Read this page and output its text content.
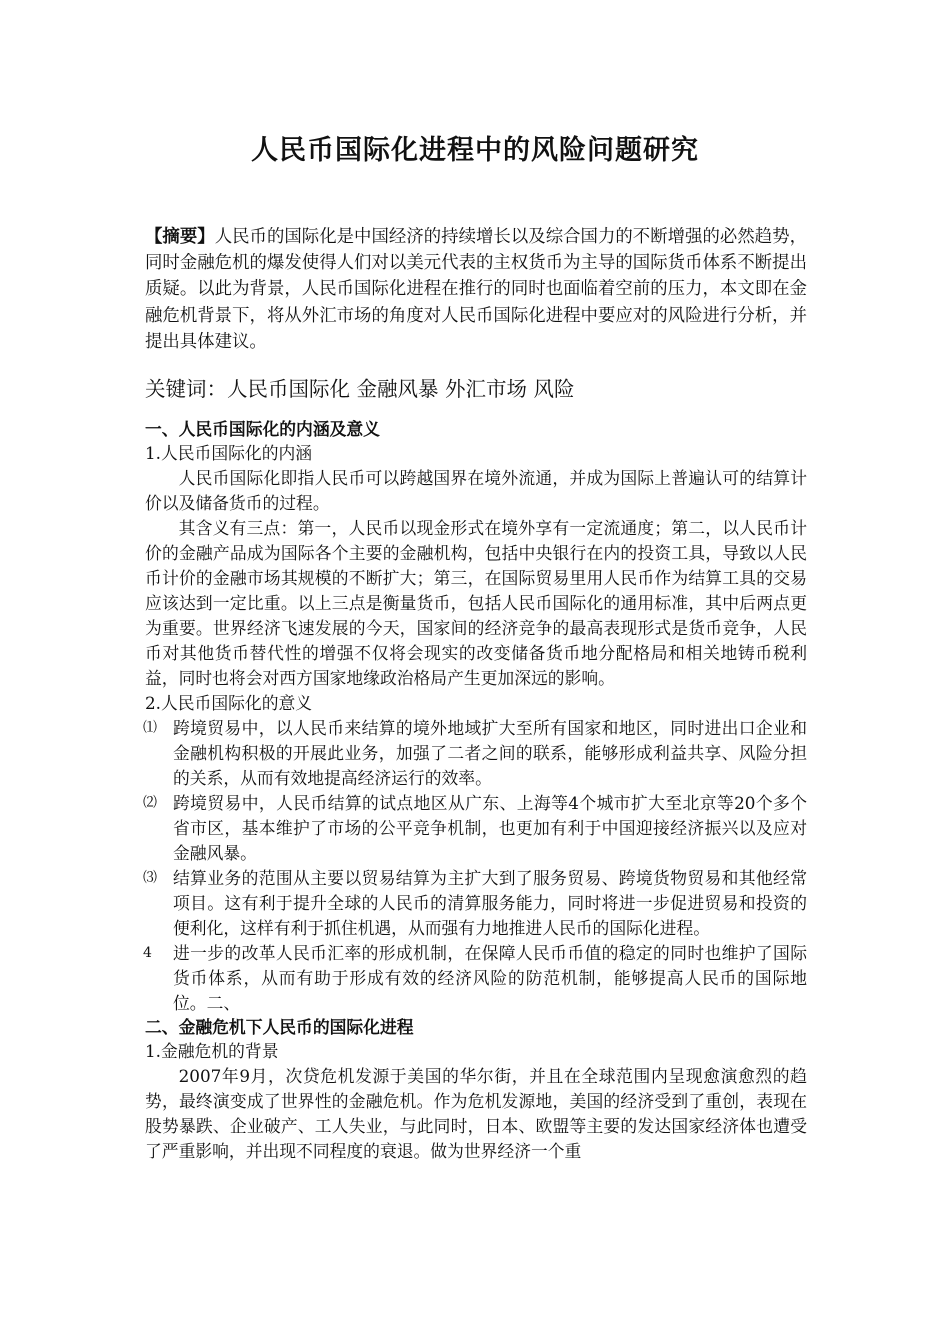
人民币国际化进程中的风险问题研究

【摘要】人民币的国际化是中国经济的持续增长以及综合国力的不断增强的必然趋势，同时金融危机的爆发使得人们对以美元代表的主权货币为主导的国际货币体系不断提出质疑。以此为背景，人民币国际化进程在推行的同时也面临着空前的压力，本文即在金融危机背景下，将从外汇市场的角度对人民币国际化进程中要应对的风险进行分析，并提出具体建议。

关键词：人民币国际化 金融风暴 外汇市场 风险

一、人民币国际化的内涵及意义

1.人民币国际化的内涵

人民币国际化即指人民币可以跨越国界在境外流通，并成为国际上普遍认可的结算计价以及储备货币的过程。

其含义有三点：第一，人民币以现金形式在境外享有一定流通度；第二，以人民币计价的金融产品成为国际各个主要的金融机构，包括中央银行在内的投资工具，导致以人民币计价的金融市场其规模的不断扩大；第三，在国际贸易里用人民币作为结算工具的交易应该达到一定比重。以上三点是衡量货币，包括人民币国际化的通用标准，其中后两点更为重要。世界经济飞速发展的今天，国家间的经济竞争的最高表现形式是货币竞争，人民币对其他货币替代性的增强不仅将会现实的改变储备货币地分配格局和相关地铸币税利益，同时也将会对西方国家地缘政治格局产生更加深远的影响。

2.人民币国际化的意义

⑴ 跨境贸易中，以人民币来结算的境外地域扩大至所有国家和地区，同时进出口企业和金融机构积极的开展此业务，加强了二者之间的联系，能够形成利益共享、风险分担的关系，从而有效地提高经济运行的效率。
⑵ 跨境贸易中，人民币结算的试点地区从广东、上海等4个城市扩大至北京等20个多个省市区，基本维护了市场的公平竞争机制，也更加有利于中国迎接经济振兴以及应对金融风暴。
⑶ 结算业务的范围从主要以贸易结算为主扩大到了服务贸易、跨境货物贸易和其他经常项目。这有利于提升全球的人民币的清算服务能力，同时将进一步促进贸易和投资的便利化，这样有利于抓住机遇，从而强有力地推进人民币的国际化进程。
4 进一步的改革人民币汇率的形成机制，在保障人民币币值的稳定的同时也维护了国际货币体系，从而有助于形成有效的经济风险的防范机制，能够提高人民币的国际地位。二、

二、金融危机下人民币的国际化进程

1.金融危机的背景

2007年9月，次贷危机发源于美国的华尔街，并且在全球范围内呈现愈演愈烈的趋势，最终演变成了世界性的金融危机。作为危机发源地，美国的经济受到了重创，表现在股势暴跌、企业破产、工人失业，与此同时，日本、欧盟等主要的发达国家经济体也遭受了严重影响，并出现不同程度的衰退。做为世界经济一个重
